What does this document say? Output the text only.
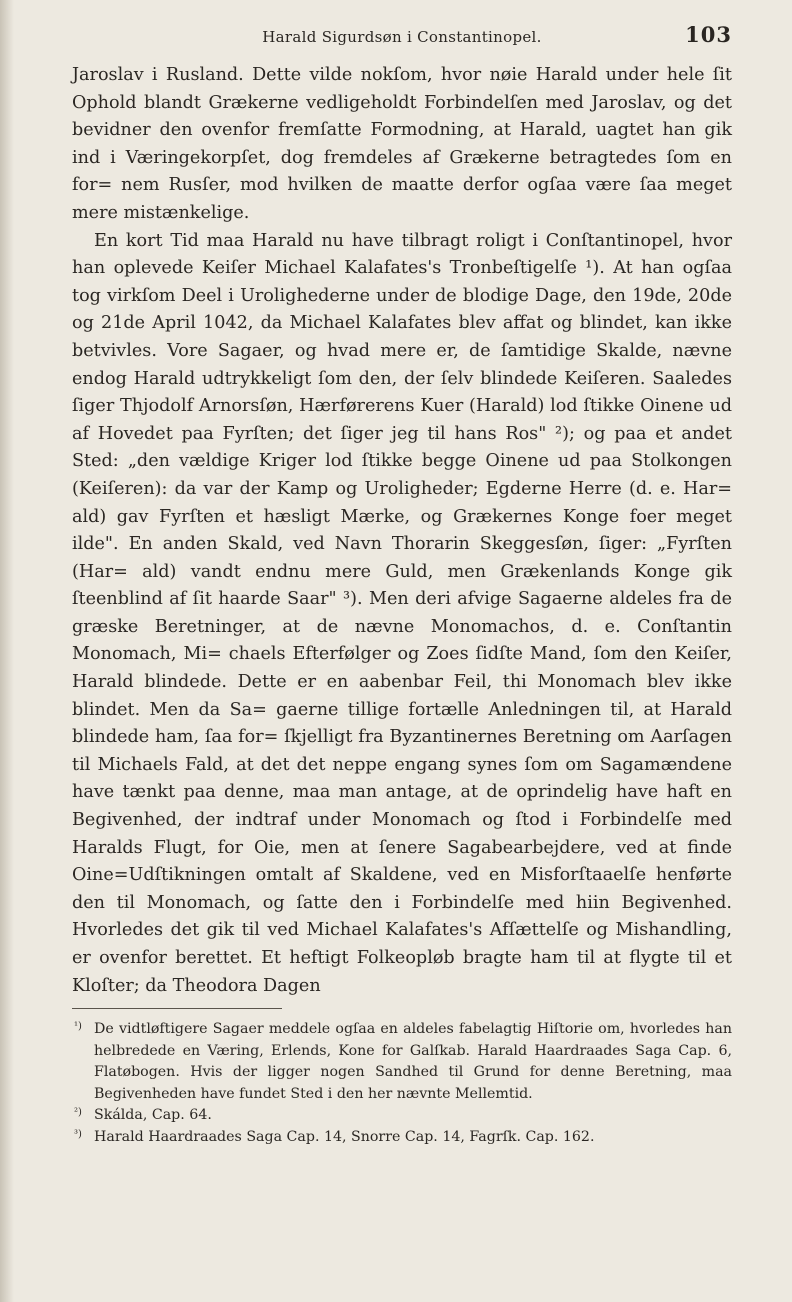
Harald Sigurdsøn i Constantinopel.	103

Jaroslav i Rusland. Dette vilde nokſom, hvor nøie Harald under hele ſit Ophold blandt Grækerne vedligeholdt Forbindelſen med Jaroslav, og det bevidner den ovenfor fremſatte Formodning, at Harald, uagtet han gik ind i Væringekorpſet, dog fremdeles af Grækerne betragtedes ſom en for= nem Rusſer, mod hvilken de maatte derfor ogſaa være ſaa meget mere mistænkelige.

En kort Tid maa Harald nu have tilbragt roligt i Conſtantinopel, hvor han oplevede Keiſer Michael Kalafates's Tronbeſtigelſe ¹). At han ogſaa tog virkſom Deel i Urolighederne under de blodige Dage, den 19de, 20de og 21de April 1042, da Michael Kalafates blev affat og blindet, kan ikke betvivles. Vore Sagaer, og hvad mere er, de ſamtidige Skalde, nævne endog Harald udtrykkeligt ſom den, der ſelv blindede Keiſeren. Saaledes ſiger Thjodolf Arnorsſøn, Hærførerens Kuer (Harald) lod ſtikke Oinene ud af Hovedet paa Fyrſten; det ſiger jeg til hans Ros" ²); og paa et andet Sted: „den vældige Kriger lod ſtikke begge Oinene ud paa Stolkongen (Keiſeren): da var der Kamp og Uroligheder; Egderne Herre (d. e. Har= ald) gav Fyrſten et hæsligt Mærke, og Grækernes Konge foer meget ilde". En anden Skald, ved Navn Thorarin Skeggesſøn, ſiger: „Fyrſten (Har= ald) vandt endnu mere Guld, men Grækenlands Konge gik ſteenblind af ſit haarde Saar" ³). Men deri afvige Sagaerne aldeles fra de græske Beretninger, at de nævne Monomachos, d. e. Conſtantin Monomach, Mi= chaels Efterfølger og Zoes ſidſte Mand, ſom den Keiſer, Harald blindede. Dette er en aabenbar Feil, thi Monomach blev ikke blindet. Men da Sa= gaerne tillige fortælle Anledningen til, at Harald blindede ham, ſaa for= ſkjelligt fra Byzantinernes Beretning om Aarſagen til Michaels Fald, at det det neppe engang synes ſom om Sagamændene have tænkt paa denne, maa man antage, at de oprindelig have haft en Begivenhed, der indtraf under Monomach og ſtod i Forbindelſe med Haralds Flugt, for Oie, men at ſenere Sagabearbejdere, ved at finde Oine=Udſtikningen omtalt af Skaldene, ved en Misforſtaaelſe henførte den til Monomach, og ſatte den i Forbindelſe med hiin Begivenhed. Hvorledes det gik til ved Michael Kalafates's Afſættelſe og Mishandling, er ovenfor berettet. Et heftigt Folkeopløb bragte ham til at flygte til et Kloſter; da Theodora Dagen

¹) De vidtløftigere Sagaer meddele ogſaa en aldeles fabelagtig Hiſtorie om, hvorledes han helbredede en Væring, Erlends, Kone for Galſkab. Harald Haardraades Saga Cap. 6, Flatøbogen. Hvis der ligger nogen Sandhed til Grund for denne Beretning, maa Begivenheden have fundet Sted i den her nævnte Mellemtid.

²) Skálda, Cap. 64.

³) Harald Haardraades Saga Cap. 14, Snorre Cap. 14, Fagrſk. Cap. 162.
